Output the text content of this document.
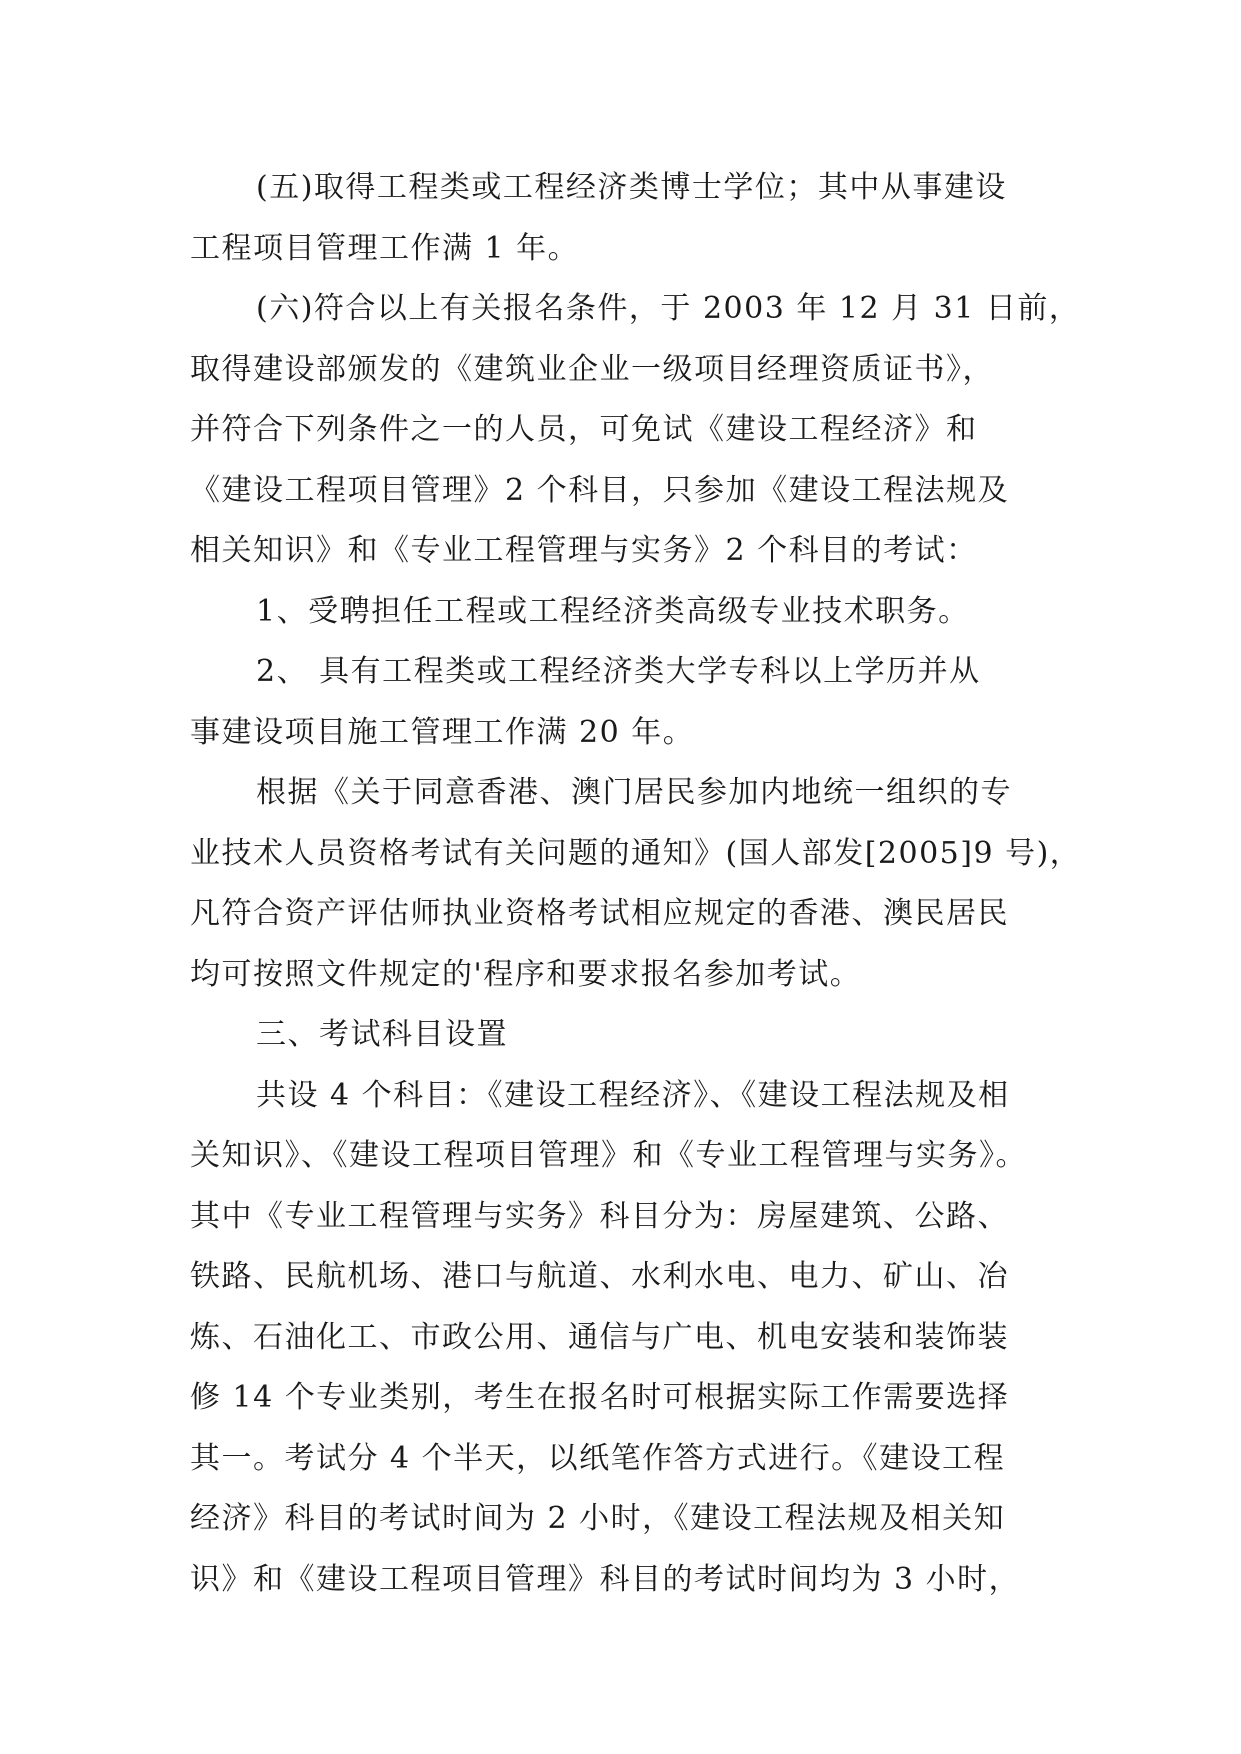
(五)取得工程类或工程经济类博士学位；其中从事建设
工程项目管理工作满 1 年。
(六)符合以上有关报名条件，于 2003 年 12 月 31 日前，
取得建设部颁发的《建筑业企业一级项目经理资质证书》，
并符合下列条件之一的人员，可免试《建设工程经济》和
《建设工程项目管理》2 个科目，只参加《建设工程法规及
相关知识》和《专业工程管理与实务》2 个科目的考试：
1、受聘担任工程或工程经济类高级专业技术职务。
2、 具有工程类或工程经济类大学专科以上学历并从
事建设项目施工管理工作满 20 年。
根据《关于同意香港、澳门居民参加内地统一组织的专
业技术人员资格考试有关问题的通知》(国人部发[2005]9 号)，
凡符合资产评估师执业资格考试相应规定的香港、澳民居民
均可按照文件规定的'程序和要求报名参加考试。
三、考试科目设置
共设 4 个科目：《建设工程经济》、《建设工程法规及相
关知识》、《建设工程项目管理》和《专业工程管理与实务》。
其中《专业工程管理与实务》科目分为：房屋建筑、公路、
铁路、民航机场、港口与航道、水利水电、电力、矿山、冶
炼、石油化工、市政公用、通信与广电、机电安装和装饰装
修 14 个专业类别，考生在报名时可根据实际工作需要选择
其一。考试分 4 个半天，以纸笔作答方式进行。《建设工程
经济》科目的考试时间为 2 小时，《建设工程法规及相关知
识》和《建设工程项目管理》科目的考试时间均为 3 小时，
